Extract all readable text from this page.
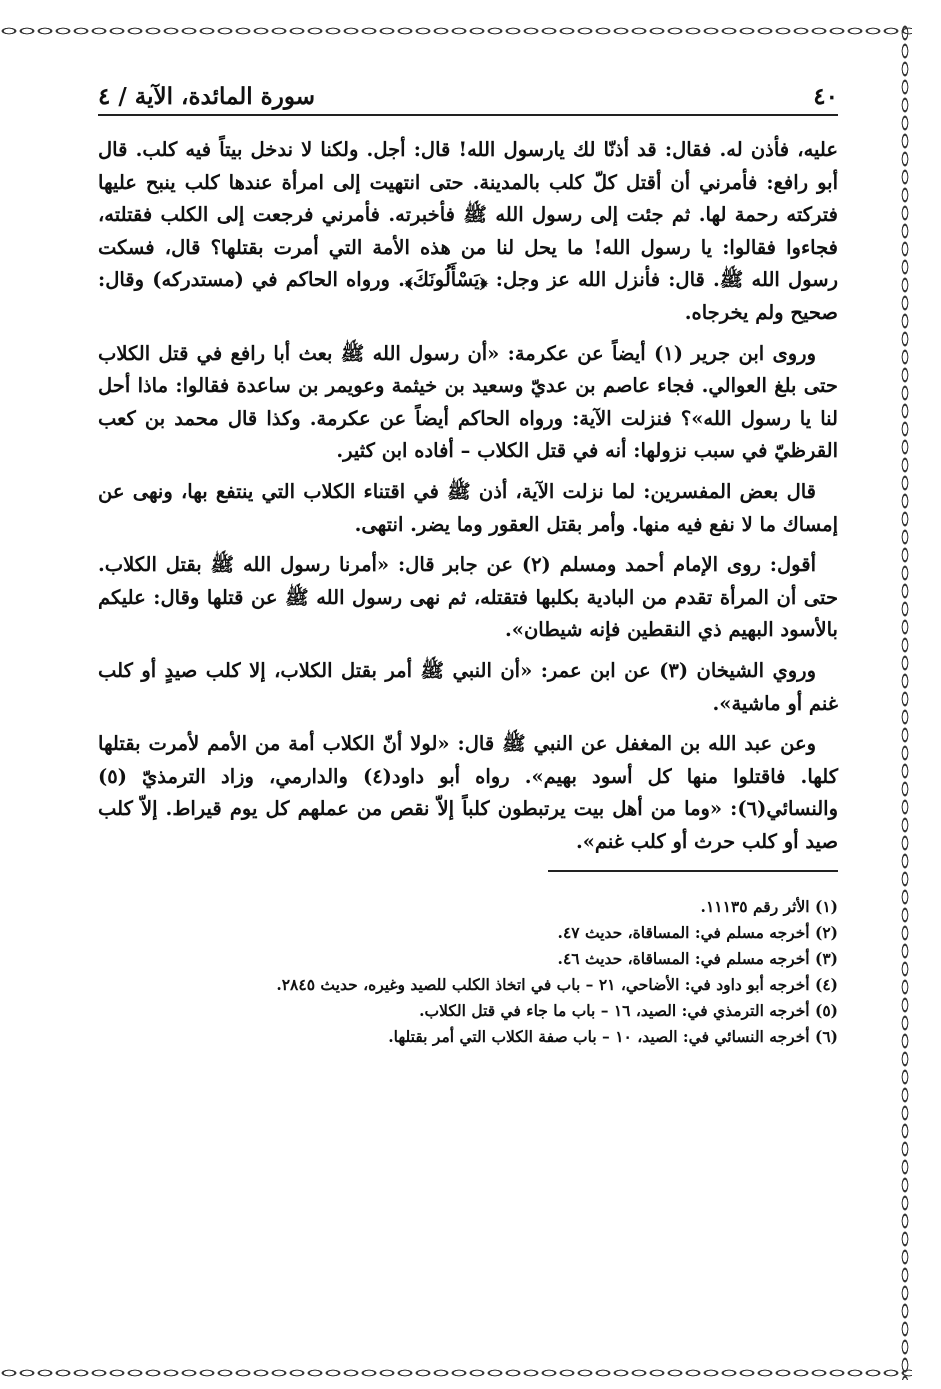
٤٠
سورة المائدة، الآية / ٤

عليه، فأذن له. فقال: قد أذنّا لك يارسول الله! قال: أجل. ولكنا لا ندخل بيتاً فيه كلب. قال أبو رافع: فأمرني أن أقتل كلّ كلب بالمدينة. حتى انتهيت إلى امرأة عندها كلب ينبح عليها فتركته رحمة لها. ثم جئت إلى رسول الله ﷺ فأخبرته. فأمرني فرجعت إلى الكلب فقتلته، فجاءوا فقالوا: يا رسول الله! ما يحل لنا من هذه الأمة التي أمرت بقتلها؟ قال، فسكت رسول الله ﷺ. قال: فأنزل الله عز وجل: ﴿يَسْأَلُونَكَ﴾. ورواه الحاكم في (مستدركه) وقال: صحيح ولم يخرجاه.

وروى ابن جرير (١) أيضاً عن عكرمة: «أن رسول الله ﷺ بعث أبا رافع في قتل الكلاب حتى بلغ العوالي. فجاء عاصم بن عديّ وسعيد بن خيثمة وعويمر بن ساعدة فقالوا: ماذا أحل لنا يا رسول الله»؟ فنزلت الآية: ورواه الحاكم أيضاً عن عكرمة. وكذا قال محمد بن كعب القرظيّ في سبب نزولها: أنه في قتل الكلاب – أفاده ابن كثير.

قال بعض المفسرين: لما نزلت الآية، أذن ﷺ في اقتناء الكلاب التي ينتفع بها، ونهى عن إمساك ما لا نفع فيه منها. وأمر بقتل العقور وما يضر. انتهى.

أقول: روى الإمام أحمد ومسلم (٢) عن جابر قال: «أمرنا رسول الله ﷺ بقتل الكلاب. حتى أن المرأة تقدم من البادية بكلبها فتقتله، ثم نهى رسول الله ﷺ عن قتلها وقال: عليكم بالأسود البهيم ذي النقطين فإنه شيطان».

وروي الشيخان (٣) عن ابن عمر: «أن النبي ﷺ أمر بقتل الكلاب، إلا كلب صيدٍ أو كلب غنم أو ماشية».

وعن عبد الله بن المغفل عن النبي ﷺ قال: «لولا أنّ الكلاب أمة من الأمم لأمرت بقتلها كلها. فاقتلوا منها كل أسود بهيم». رواه أبو داود(٤) والدارمي، وزاد الترمذيّ (٥) والنسائي(٦): «وما من أهل بيت يرتبطون كلباً إلاّ نقص من عملهم كل يوم قيراط. إلاّ كلب صيد أو كلب حرث أو كلب غنم».

(١) الأثر رقم ١١١٣٥.
(٢) أخرجه مسلم في: المساقاة، حديث ٤٧.
(٣) أخرجه مسلم في: المساقاة، حديث ٤٦.
(٤) أخرجه أبو داود في: الأضاحي، ٢١ – باب في اتخاذ الكلب للصيد وغيره، حديث ٢٨٤٥.
(٥) أخرجه الترمذي في: الصيد، ١٦ – باب ما جاء في قتل الكلاب.
(٦) أخرجه النسائي في: الصيد، ١٠ – باب صفة الكلاب التي أمر بقتلها.
